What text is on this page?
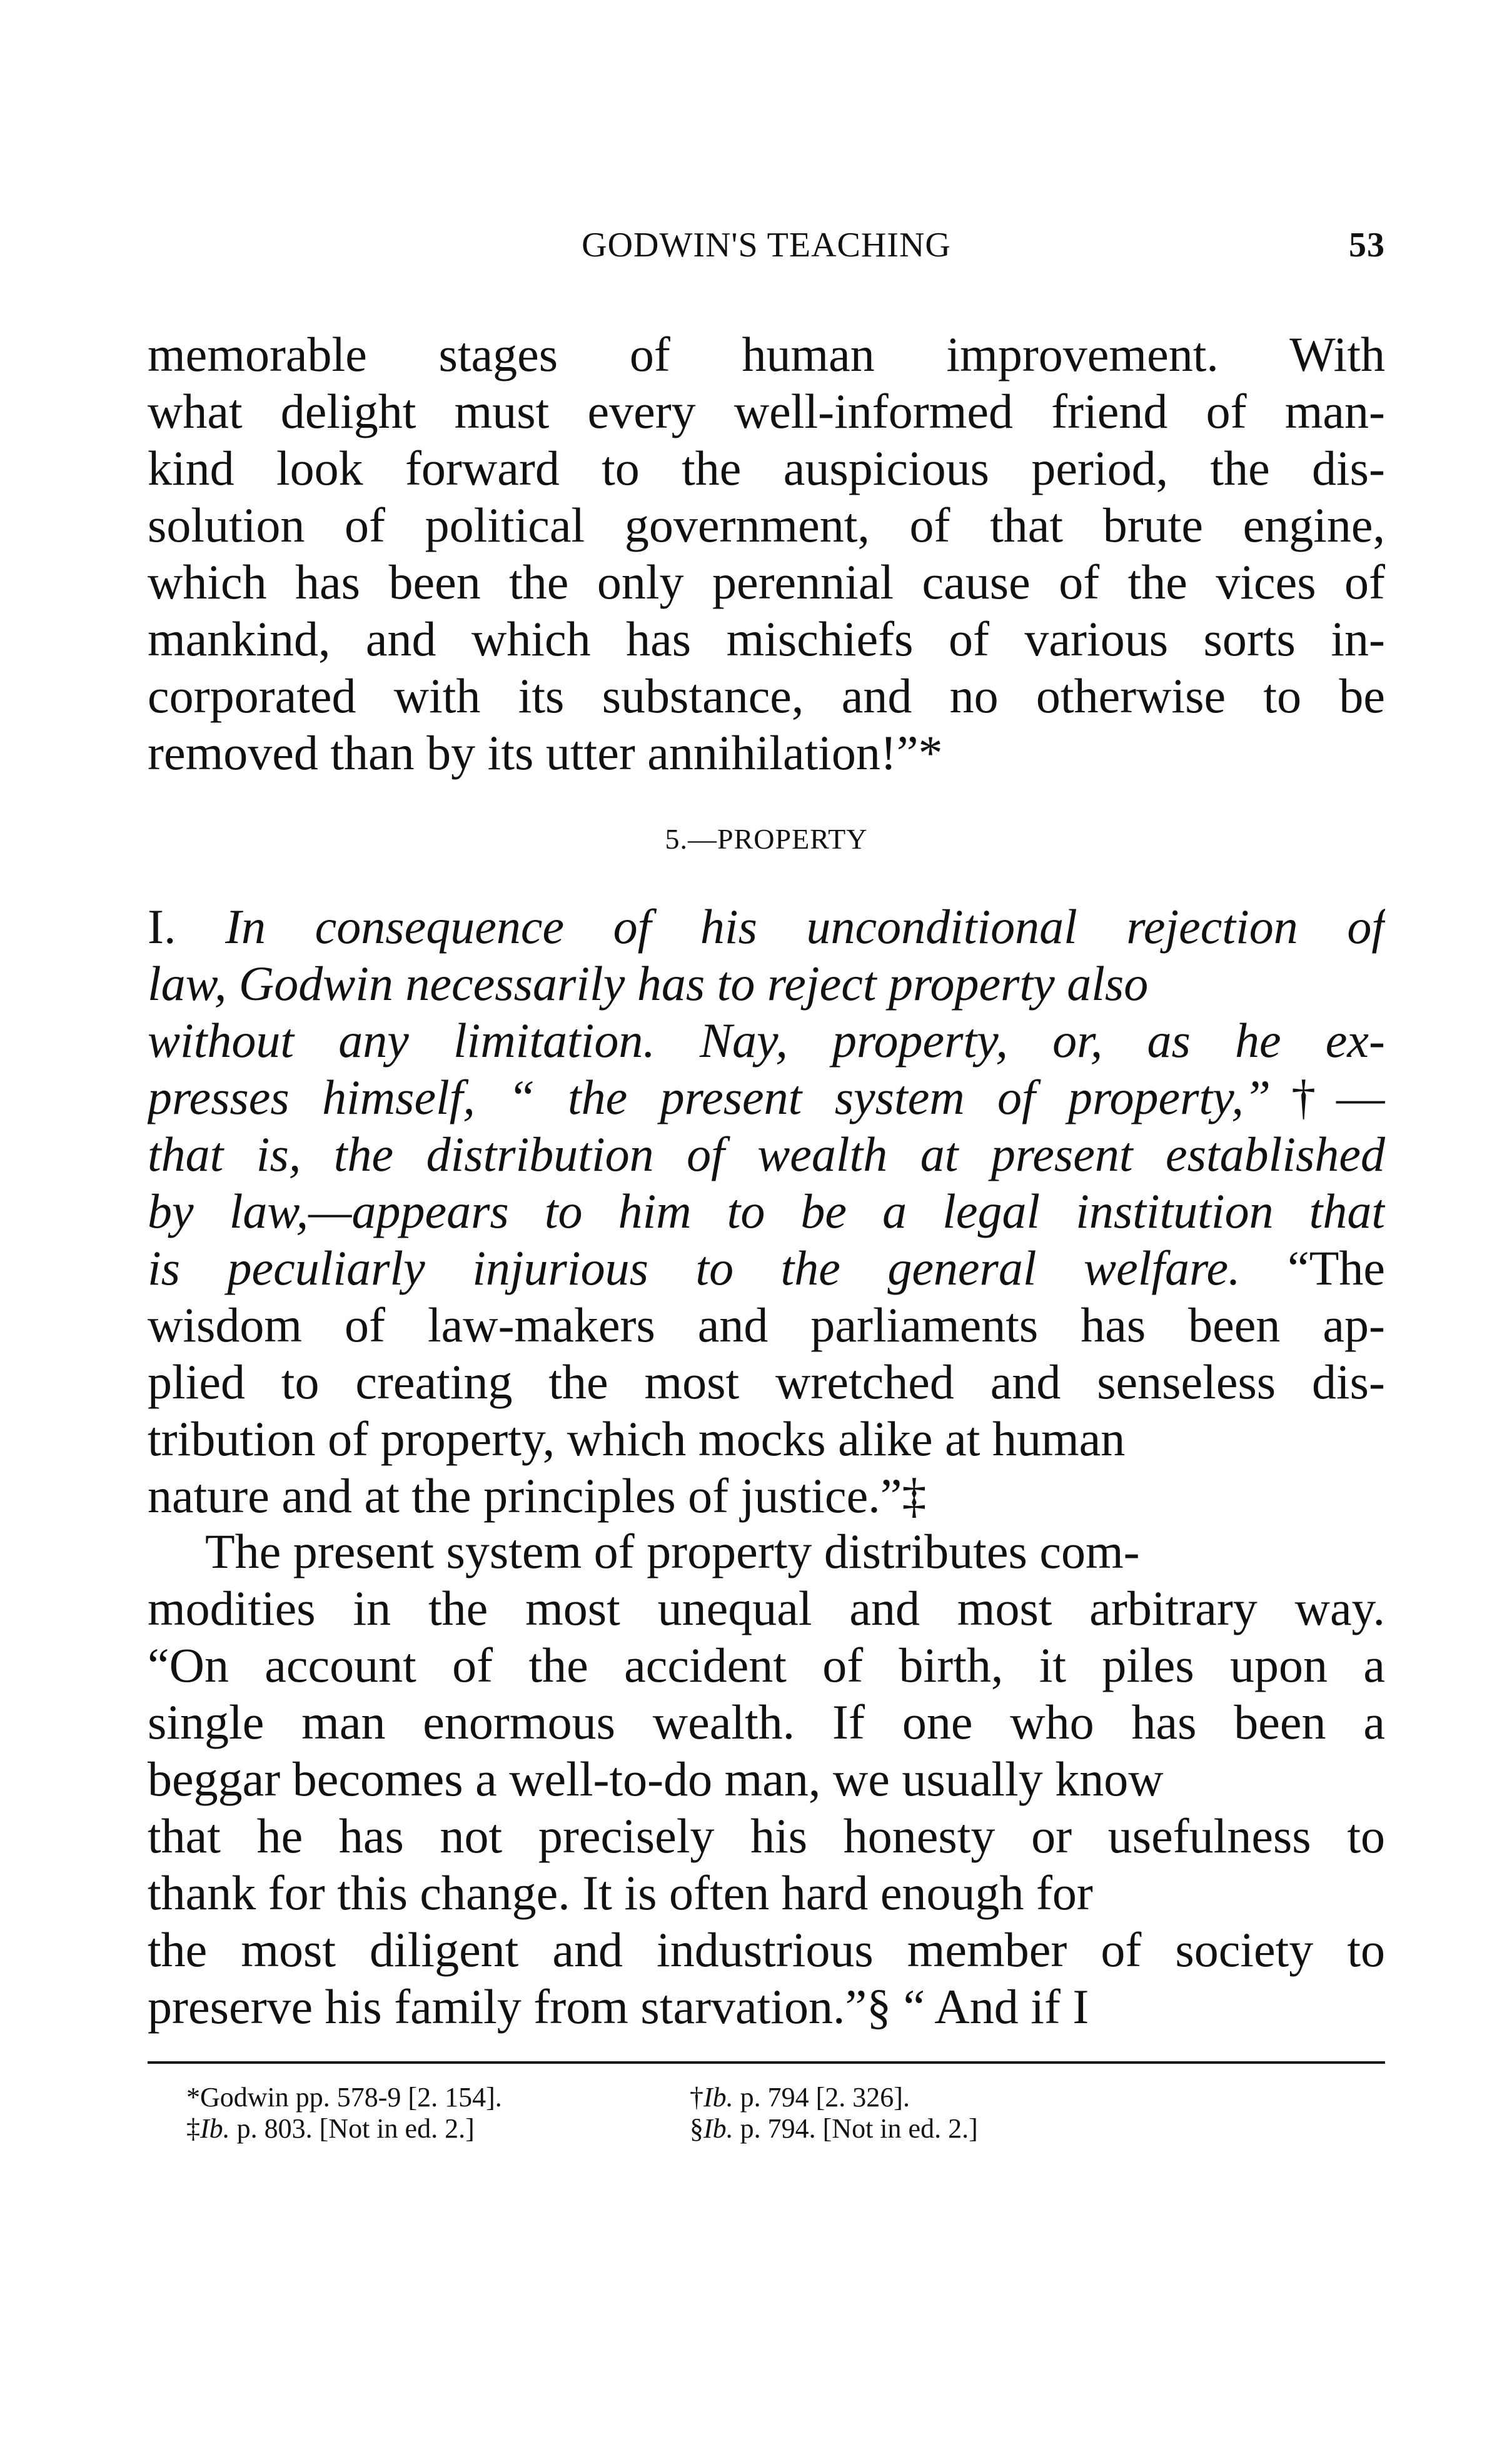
GODWIN'S TEACHING	53
memorable stages of human improvement. With
what delight must every well-informed friend of man-
kind look forward to the auspicious period, the dis-
solution of political government, of that brute engine,
which has been the only perennial cause of the vices of
mankind, and which has mischiefs of various sorts in-
corporated with its substance, and no otherwise to be
removed than by its utter annihilation!”*
5.—PROPERTY
I. In consequence of his unconditional rejection of
law, Godwin necessarily has to reject property also
without any limitation. Nay, property, or, as he ex-
presses himself, “ the present system of property,”†—
that is, the distribution of wealth at present established
by law,—appears to him to be a legal institution that
is peculiarly injurious to the general welfare. “The
wisdom of law-makers and parliaments has been ap-
plied to creating the most wretched and senseless dis-
tribution of property, which mocks alike at human
nature and at the principles of justice.”‡
The present system of property distributes com-
modities in the most unequal and most arbitrary way.
“On account of the accident of birth, it piles upon a
single man enormous wealth. If one who has been a
beggar becomes a well-to-do man, we usually know
that he has not precisely his honesty or usefulness to
thank for this change. It is often hard enough for
the most diligent and industrious member of society to
preserve his family from starvation.”§ “ And if I
*Godwin pp. 578-9 [2. 154].	†Ib. p. 794 [2. 326].
‡Ib. p. 803. [Not in ed. 2.]	§Ib. p. 794. [Not in ed. 2.]
